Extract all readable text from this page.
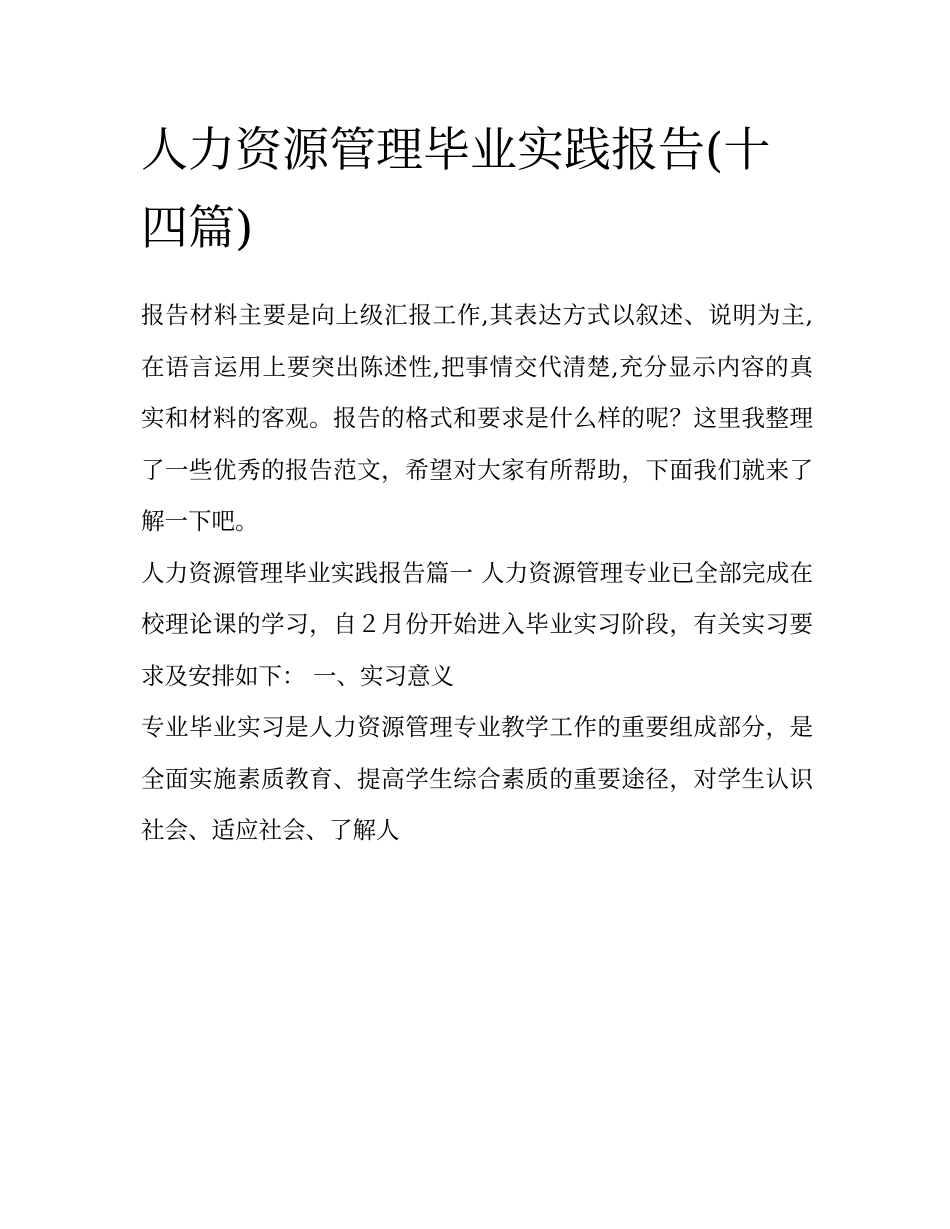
人力资源管理毕业实践报告(十四篇)

报告材料主要是向上级汇报工作,其表达方式以叙述、说明为主,在语言运用上要突出陈述性,把事情交代清楚,充分显示内容的真实和材料的客观。报告的格式和要求是什么样的呢？这里我整理了一些优秀的报告范文，希望对大家有所帮助，下面我们就来了解一下吧。

人力资源管理毕业实践报告篇一 人力资源管理专业已全部完成在校理论课的学习，自２月份开始进入毕业实习阶段，有关实习要求及安排如下： 一、实习意义

专业毕业实习是人力资源管理专业教学工作的重要组成部分，是全面实施素质教育、提高学生综合素质的重要途径，对学生认识社会、适应社会、了解人
